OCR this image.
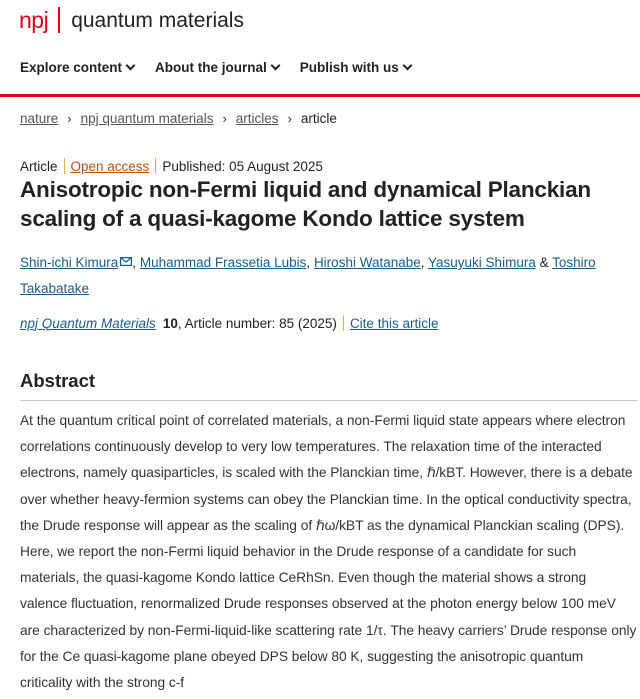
npj quantum materials
Explore content About the journal Publish with us
nature › npj quantum materials › articles › article
Article Open access Published: 05 August 2025
Anisotropic non-Fermi liquid and dynamical Planckian scaling of a quasi-kagome Kondo lattice system
Shin-ichi Kimura , Muhammad Frassetia Lubis, Hiroshi Watanabe, Yasuyuki Shimura & Toshiro Takabatake
npj Quantum Materials 10 , Article number: 85 (2025) Cite this article
Abstract

At the quantum critical point of correlated materials, a non-Fermi liquid state appears where electron correlations continuously develop to very low temperatures. The relaxation time of the interacted electrons, namely quasiparticles, is scaled with the Planckian time, ℏ/kBT. However, there is a debate over whether heavy-fermion systems can obey the Planckian time. In the optical conductivity spectra, the Drude response will appear as the scaling of ℏω/kBT as the dynamical Planckian scaling (DPS). Here, we report the non-Fermi liquid behavior in the Drude response of a candidate for such materials, the quasi-kagome Kondo lattice CeRhSn. Even though the material shows a strong valence fluctuation, renormalized Drude responses observed at the photon energy below 100 meV are characterized by non-Fermi-liquid-like scattering rate 1/τ. The heavy carriers’ Drude response only for the Ce quasi-kagome plane obeyed DPS below 80 K, suggesting the anisotropic quantum criticality with the strong c-f
